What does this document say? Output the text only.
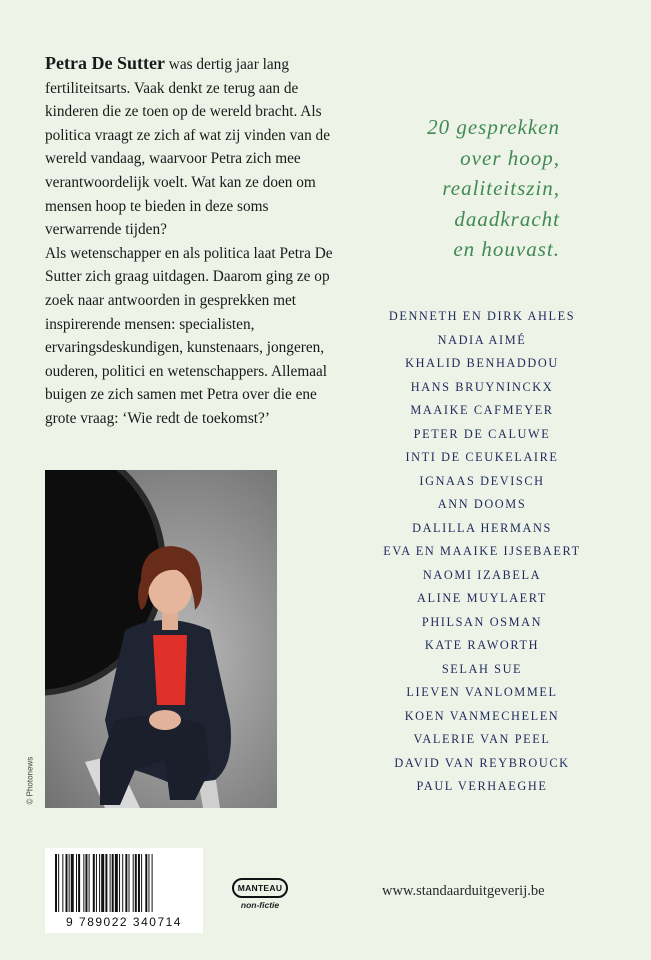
Petra De Sutter was dertig jaar lang fertiliteitsarts. Vaak denkt ze terug aan de kinderen die ze toen op de wereld bracht. Als politica vraagt ze zich af wat zij vinden van de wereld vandaag, waarvoor Petra zich mee verantwoordelijk voelt. Wat kan ze doen om mensen hoop te bieden in deze soms verwarrende tijden?
Als wetenschapper en als politica laat Petra De Sutter zich graag uitdagen. Daarom ging ze op zoek naar antwoorden in gesprekken met inspirerende mensen: specialisten, ervaringsdeskundigen, kunstenaars, jongeren, ouderen, politici en wetenschappers. Allemaal buigen ze zich samen met Petra over die ene grote vraag: ‘Wie redt de toekomst?’
© Photonews
20 gesprekken
over hoop,
realiteitszin,
daadkracht
en houvast.
DENNETH EN DIRK AHLES
NADIA AIMÉ
KHALID BENHADDOU
HANS BRUYNINCKX
MAAIKE CAFMEYER
PETER DE CALUWE
INTI DE CEUKELAIRE
IGNAAS DEVISCH
ANN DOOMS
DALILLA HERMANS
EVA EN MAAIKE IJSEBAERT
NAOMI IZABELA
ALINE MUYLAERT
PHILSAN OSMAN
KATE RAWORTH
SELAH SUE
LIEVEN VANLOMMEL
KOEN VANMECHELEN
VALERIE VAN PEEL
DAVID VAN REYBROUCK
PAUL VERHAEGHE
9 789022 340714
MANTEAU
non-fictie
www.standaarduitgeverij.be
